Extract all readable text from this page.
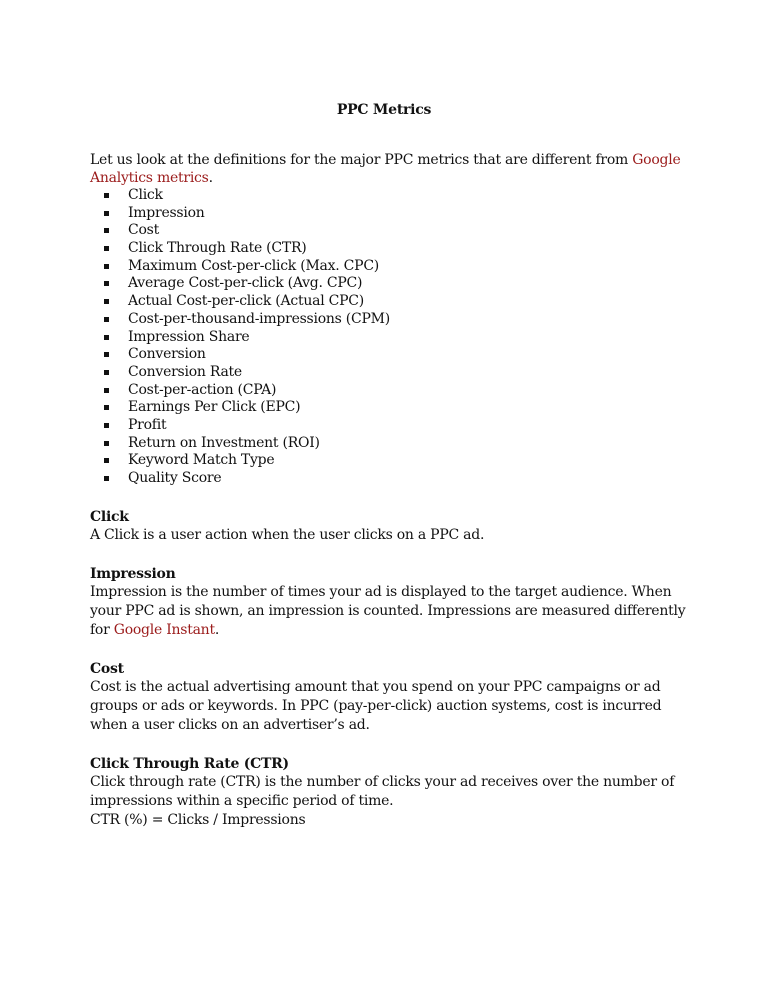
PPC Metrics
Let us look at the definitions for the major PPC metrics that are different from Google Analytics metrics.
Click
Impression
Cost
Click Through Rate (CTR)
Maximum Cost-per-click (Max. CPC)
Average Cost-per-click (Avg. CPC)
Actual Cost-per-click (Actual CPC)
Cost-per-thousand-impressions (CPM)
Impression Share
Conversion
Conversion Rate
Cost-per-action (CPA)
Earnings Per Click (EPC)
Profit
Return on Investment (ROI)
Keyword Match Type
Quality Score
Click

A Click is a user action when the user clicks on a PPC ad.

Impression

Impression is the number of times your ad is displayed to the target audience. When your PPC ad is shown, an impression is counted. Impressions are measured differently for Google Instant.

Cost

Cost is the actual advertising amount that you spend on your PPC campaigns or ad groups or ads or keywords. In PPC (pay-per-click) auction systems, cost is incurred when a user clicks on an advertiser’s ad.

Click Through Rate (CTR)

Click through rate (CTR) is the number of clicks your ad receives over the number of impressions within a specific period of time.

CTR (%) = Clicks / Impressions
